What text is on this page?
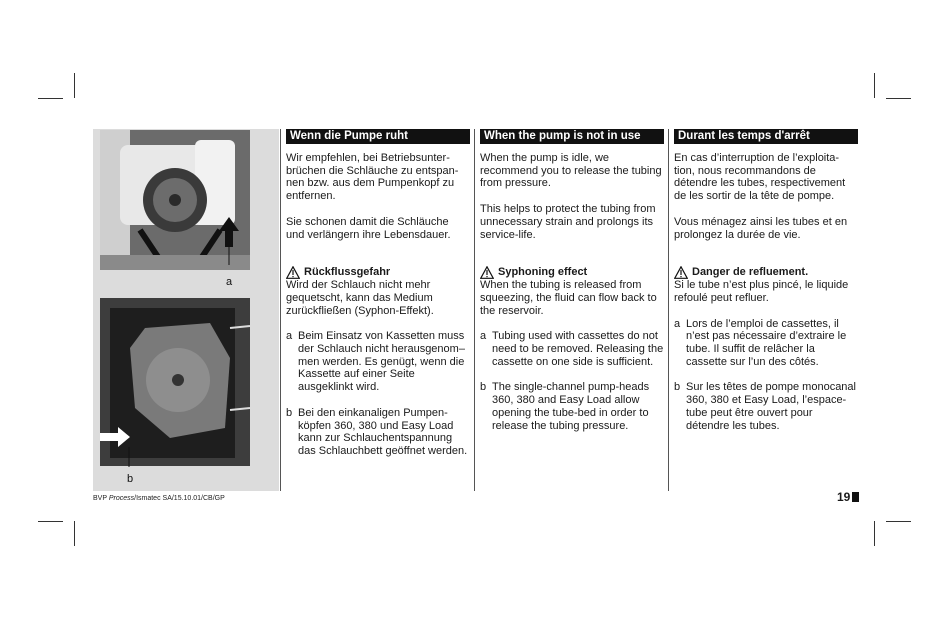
a
b
Wenn die Pumpe ruht

Wir empfehlen, bei Betriebsunter-brüchen die Schläuche zu entspan-nen bzw. aus dem Pumpenkopf zu entfernen.

Sie schonen damit die Schläuche und verlängern ihre Lebensdauer.

Rückflussgefahr

Wird der Schlauch nicht mehr gequetscht, kann das Medium zurückfließen (Syphon-Effekt).

a Beim Einsatz von Kassetten muss der Schlauch nicht herausgenom–men werden. Es genügt, wenn die Kassette auf einer Seite ausgeklinkt wird.
b Bei den einkanaligen Pumpen-köpfen 360, 380 und Easy Load kann zur Schlauchentspannung das Schlauchbett geöffnet werden.
When the pump is not in use

When the pump is idle, we recommend you to release the tubing from pressure.

This helps to protect the tubing from unnecessary strain and prolongs its service-life.

Syphoning effect

When the tubing is released from squeezing, the fluid can flow back to the reservoir.

a Tubing used with cassettes do not need to be removed. Releasing the cassette on one side is sufficient.
b The single-channel pump-heads 360, 380 and Easy Load allow opening the tube-bed in order to release the tubing pressure.
Durant les temps d'arrêt

En cas d’interruption de l’exploita-tion, nous recommandons de détendre les tubes, respectivement de les sortir de la tête de pompe.

Vous ménagez ainsi les tubes et en prolongez la durée de vie.

Danger de refluement.

Si le tube n’est plus pincé, le liquide refoulé peut refluer.

a Lors de l’emploi de cassettes, il n’est pas nécessaire d’extraire le tube. Il suffit de relâcher la cassette sur l’un des côtés.
b Sur les têtes de pompe monocanal 360, 380 et Easy Load, l’espace-tube peut être ouvert pour détendre les tubes.
BVP Process/Ismatec SA/15.10.01/CB/GP	19
